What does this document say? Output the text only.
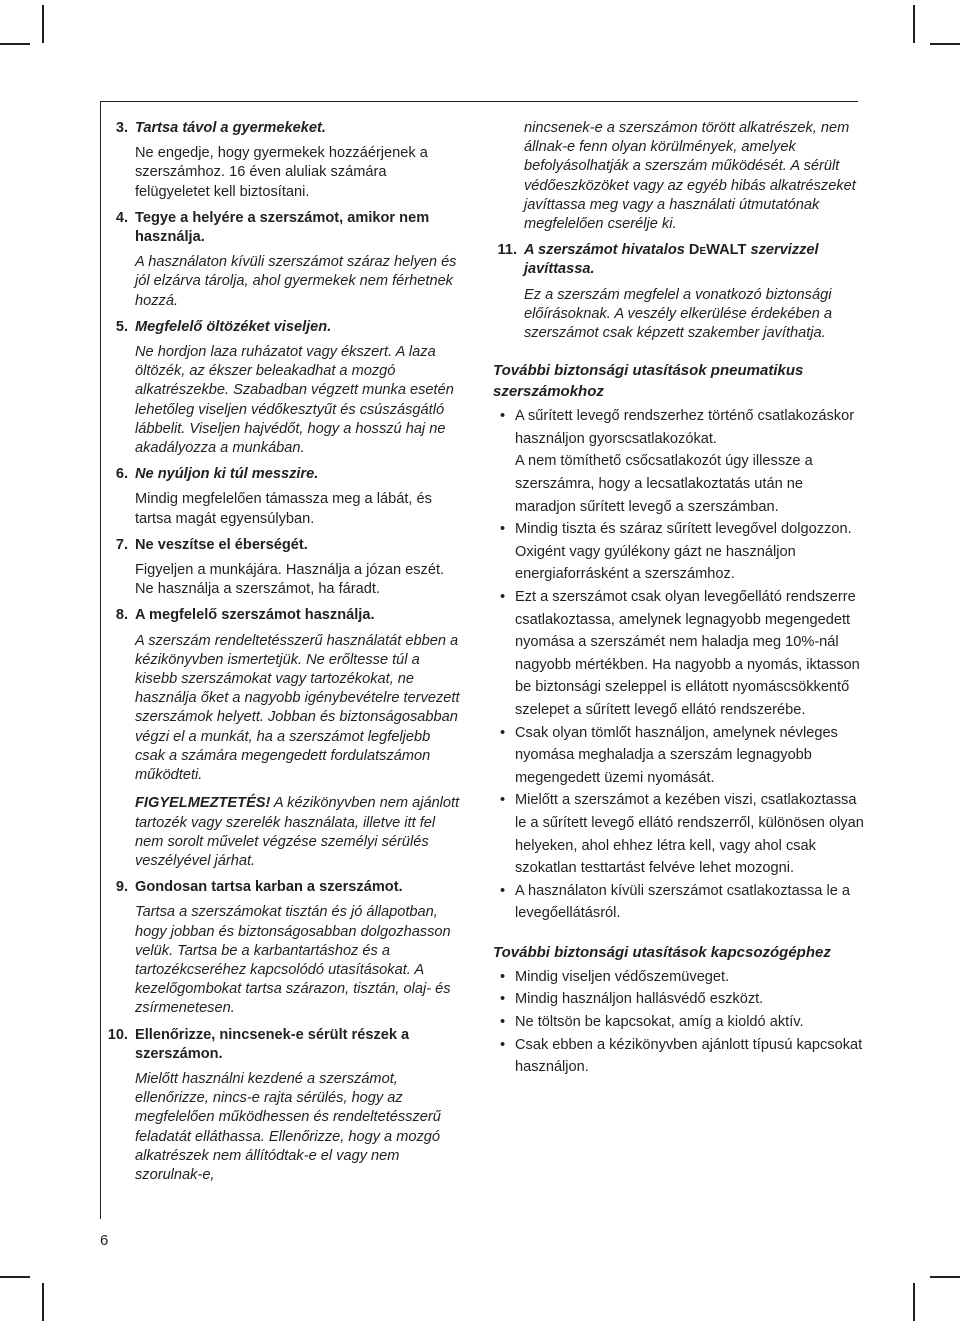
6
3. Tartsa távol a gyermekeket.

Ne engedje, hogy gyermekek hozzáérjenek a szerszámhoz. 16 éven aluliak számára felügyeletet kell biztosítani.

4. Tegye a helyére a szerszámot, amikor nem használja.

A használaton kívüli szerszámot száraz helyen és jól elzárva tárolja, ahol gyermekek nem férhetnek hozzá.

5. Megfelelő öltözéket viseljen.

Ne hordjon laza ruházatot vagy ékszert. A laza öltözék, az ékszer beleakadhat a mozgó alkatrészekbe. Szabadban végzett munka esetén lehetőleg viseljen védőkesztyűt és csúszásgátló lábbelit. Viseljen hajvédőt, hogy a hosszú haj ne akadályozza a munkában.

6. Ne nyúljon ki túl messzire.

Mindig megfelelően támassza meg a lábát, és tartsa magát egyensúlyban.

7. Ne veszítse el éberségét.

Figyeljen a munkájára. Használja a józan eszét. Ne használja a szerszámot, ha fáradt.

8. A megfelelő szerszámot használja.

A szerszám rendeltetésszerű használatát ebben a kézikönyvben ismertetjük. Ne erőltesse túl a kisebb szerszámokat vagy tartozékokat, ne használja őket a nagyobb igénybevételre tervezett szerszámok helyett. Jobban és biztonságosabban végzi el a munkát, ha a szerszámot legfeljebb csak a számára megengedett fordulatszámon működteti.

FIGYELMEZTETÉS! A kézikönyvben nem ajánlott tartozék vagy szerelék használata, illetve itt fel nem sorolt művelet végzése személyi sérülés veszélyével járhat.

9. Gondosan tartsa karban a szerszámot.

Tartsa a szerszámokat tisztán és jó állapotban, hogy jobban és biztonságosabban dolgozhasson velük. Tartsa be a karbantartáshoz és a tartozékcseréhez kapcsolódó utasításokat. A kezelőgombokat tartsa szárazon, tisztán, olaj- és zsírmenetesen.

10. Ellenőrizze, nincsenek-e sérült részek a szerszámon.

Mielőtt használni kezdené a szerszámot, ellenőrizze, nincs-e rajta sérülés, hogy az megfelelően működhessen és rendeltetésszerű feladatát elláthassa. Ellenőrizze, hogy a mozgó alkatrészek nem állítódtak-e el vagy nem szorulnak-e,

nincsenek-e a szerszámon törött alkatrészek, nem állnak-e fenn olyan körülmények, amelyek befolyásolhatják a szerszám működését. A sérült védőeszközöket vagy az egyéb hibás alkatrészeket javíttassa meg vagy a használati útmutatónak megfelelően cserélje ki.
11. A szerszámot hivatalos DeWALT szervizzel javíttassa.

Ez a szerszám megfelel a vonatkozó biztonsági előírásoknak. A veszély elkerülése érdekében a szerszámot csak képzett szakember javíthatja.

További biztonsági utasítások pneumatikus szerszámokhoz
• A sűrített levegő rendszerhez történő csatlakozáskor használjon gyorscsatlakozókat.

A nem tömíthető csőcsatlakozót úgy illessze a szerszámra, hogy a lecsatlakoztatás után ne maradjon sűrített levegő a szerszámban.

• Mindig tiszta és száraz sűrített levegővel dolgozzon. Oxigént vagy gyúlékony gázt ne használjon energiaforrásként a szerszámhoz.

• Ezt a szerszámot csak olyan levegőellátó rendszerre csatlakoztassa, amelynek legnagyobb megengedett nyomása a szerszámét nem haladja meg 10%-nál nagyobb mértékben. Ha nagyobb a nyomás, iktasson be biztonsági szeleppel is ellátott nyomáscsökkentő szelepet a sűrített levegő ellátó rendszerébe.

• Csak olyan tömlőt használjon, amelynek névleges nyomása meghaladja a szerszám legnagyobb megengedett üzemi nyomását.

• Mielőtt a szerszámot a kezében viszi, csatlakoztassa le a sűrített levegő ellátó rendszerről, különösen olyan helyeken, ahol ehhez létra kell, vagy ahol csak szokatlan testtartást felvéve lehet mozogni.

• A használaton kívüli szerszámot csatlakoztassa le a levegőellátásról.

További biztonsági utasítások kapcsozógéphez
• Mindig viseljen védőszemüveget.

• Mindig használjon hallásvédő eszközt.

• Ne töltsön be kapcsokat, amíg a kioldó aktív.

• Csak ebben a kézikönyvben ajánlott típusú kapcsokat használjon.
